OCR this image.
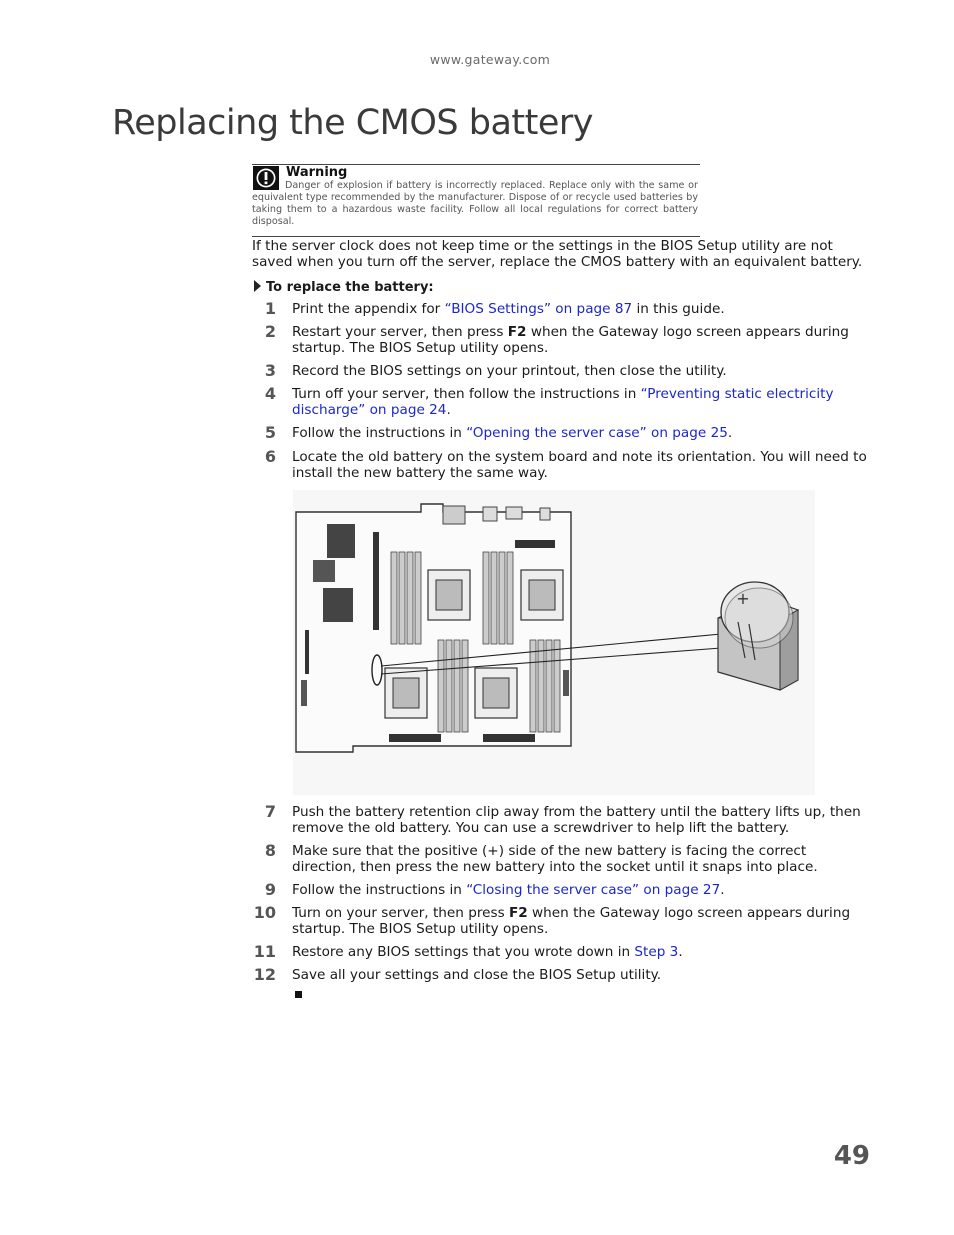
www.gateway.com
Replacing the CMOS battery
Warning
Danger of explosion if battery is incorrectly replaced. Replace only with the same or equivalent type recommended by the manufacturer. Dispose of or recycle used batteries by taking them to a hazardous waste facility. Follow all local regulations for correct battery disposal.

If the server clock does not keep time or the settings in the BIOS Setup utility are not saved when you turn off the server, replace the CMOS battery with an equivalent battery.

To replace the battery:
1 Print the appendix for “BIOS Settings” on page 87 in this guide.
2 Restart your server, then press F2 when the Gateway logo screen appears during startup. The BIOS Setup utility opens.
3 Record the BIOS settings on your printout, then close the utility.
4 Turn off your server, then follow the instructions in “Preventing static electricity discharge” on page 24.
5 Follow the instructions in “Opening the server case” on page 25.
6 Locate the old battery on the system board and note its orientation. You will need to install the new battery the same way.
+
7 Push the battery retention clip away from the battery until the battery lifts up, then remove the old battery. You can use a screwdriver to help lift the battery.
8 Make sure that the positive (+) side of the new battery is facing the correct direction, then press the new battery into the socket until it snaps into place.
9 Follow the instructions in “Closing the server case” on page 27.
10 Turn on your server, then press F2 when the Gateway logo screen appears during startup. The BIOS Setup utility opens.
11 Restore any BIOS settings that you wrote down in Step 3.
12 Save all your settings and close the BIOS Setup utility.
49
